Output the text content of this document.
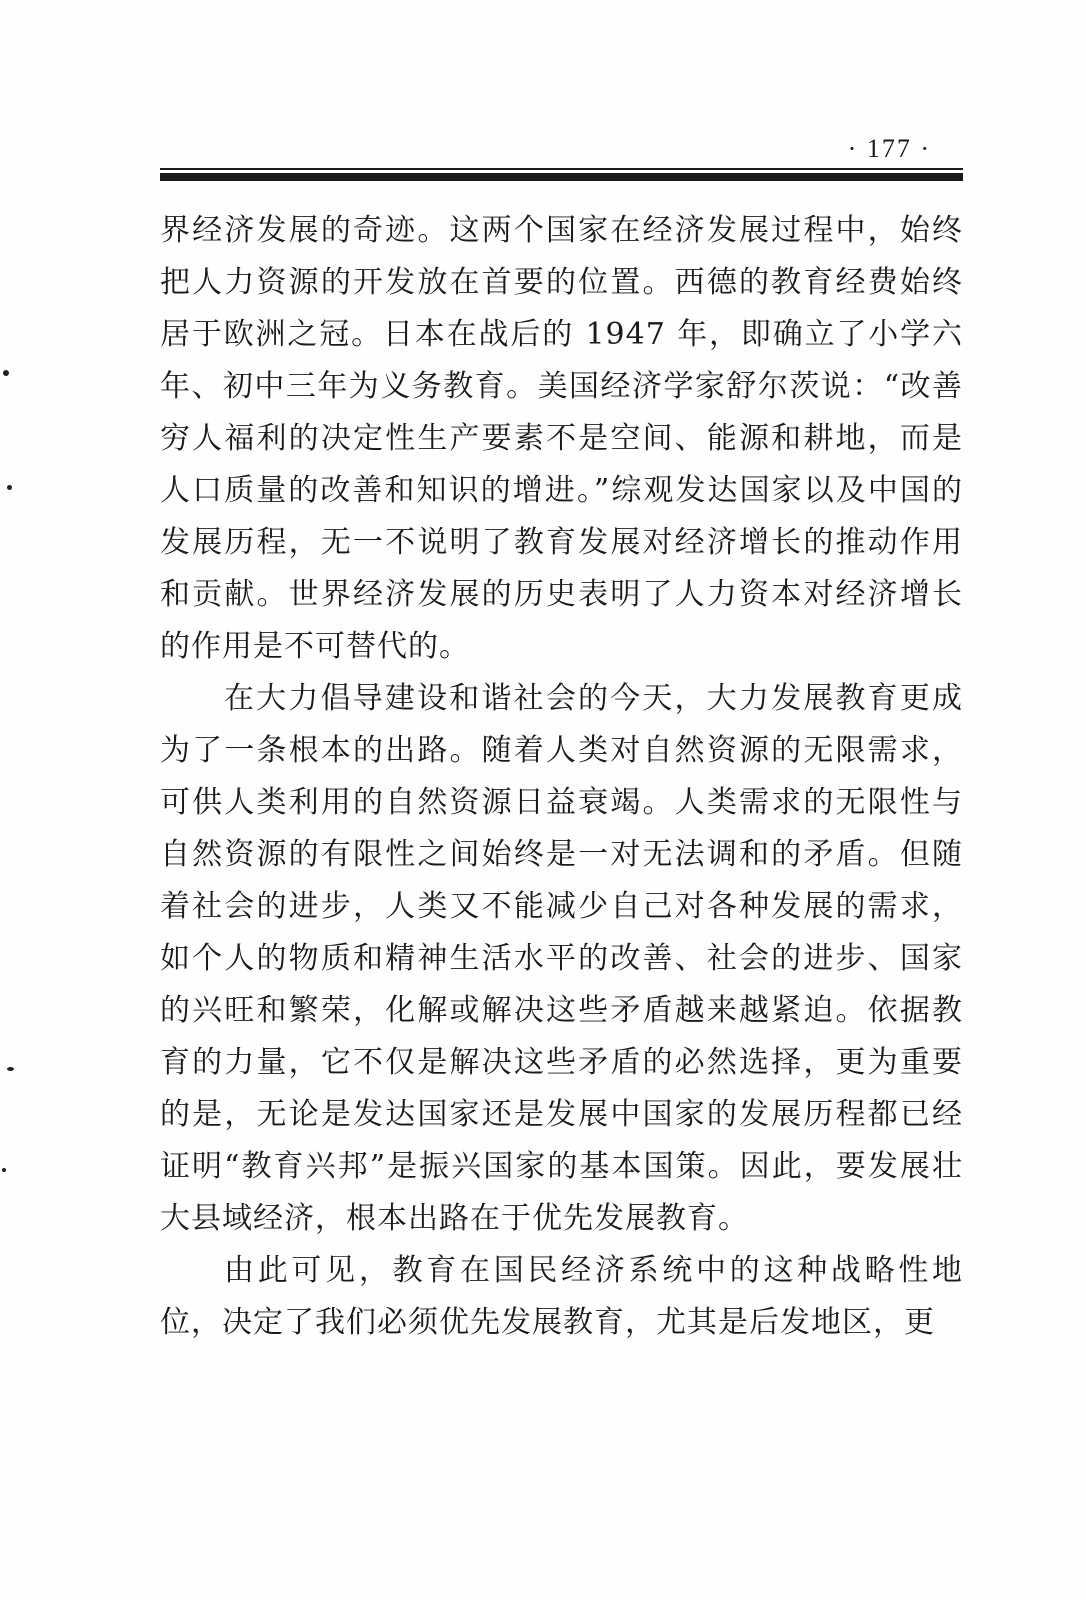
· 177 ·

界经济发展的奇迹。这两个国家在经济发展过程中，始终把人力资源的开发放在首要的位置。西德的教育经费始终居于欧洲之冠。日本在战后的 1947 年，即确立了小学六年、初中三年为义务教育。美国经济学家舒尔茨说：“改善穷人福利的决定性生产要素不是空间、能源和耕地，而是人口质量的改善和知识的增进。”综观发达国家以及中国的发展历程，无一不说明了教育发展对经济增长的推动作用和贡献。世界经济发展的历史表明了人力资本对经济增长的作用是不可替代的。

在大力倡导建设和谐社会的今天，大力发展教育更成为了一条根本的出路。随着人类对自然资源的无限需求，可供人类利用的自然资源日益衰竭。人类需求的无限性与自然资源的有限性之间始终是一对无法调和的矛盾。但随着社会的进步，人类又不能减少自己对各种发展的需求，如个人的物质和精神生活水平的改善、社会的进步、国家的兴旺和繁荣，化解或解决这些矛盾越来越紧迫。依据教育的力量，它不仅是解决这些矛盾的必然选择，更为重要的是，无论是发达国家还是发展中国家的发展历程都已经证明“教育兴邦”是振兴国家的基本国策。因此，要发展壮大县域经济，根本出路在于优先发展教育。

由此可见，教育在国民经济系统中的这种战略性地位，决定了我们必须优先发展教育，尤其是后发地区，更
